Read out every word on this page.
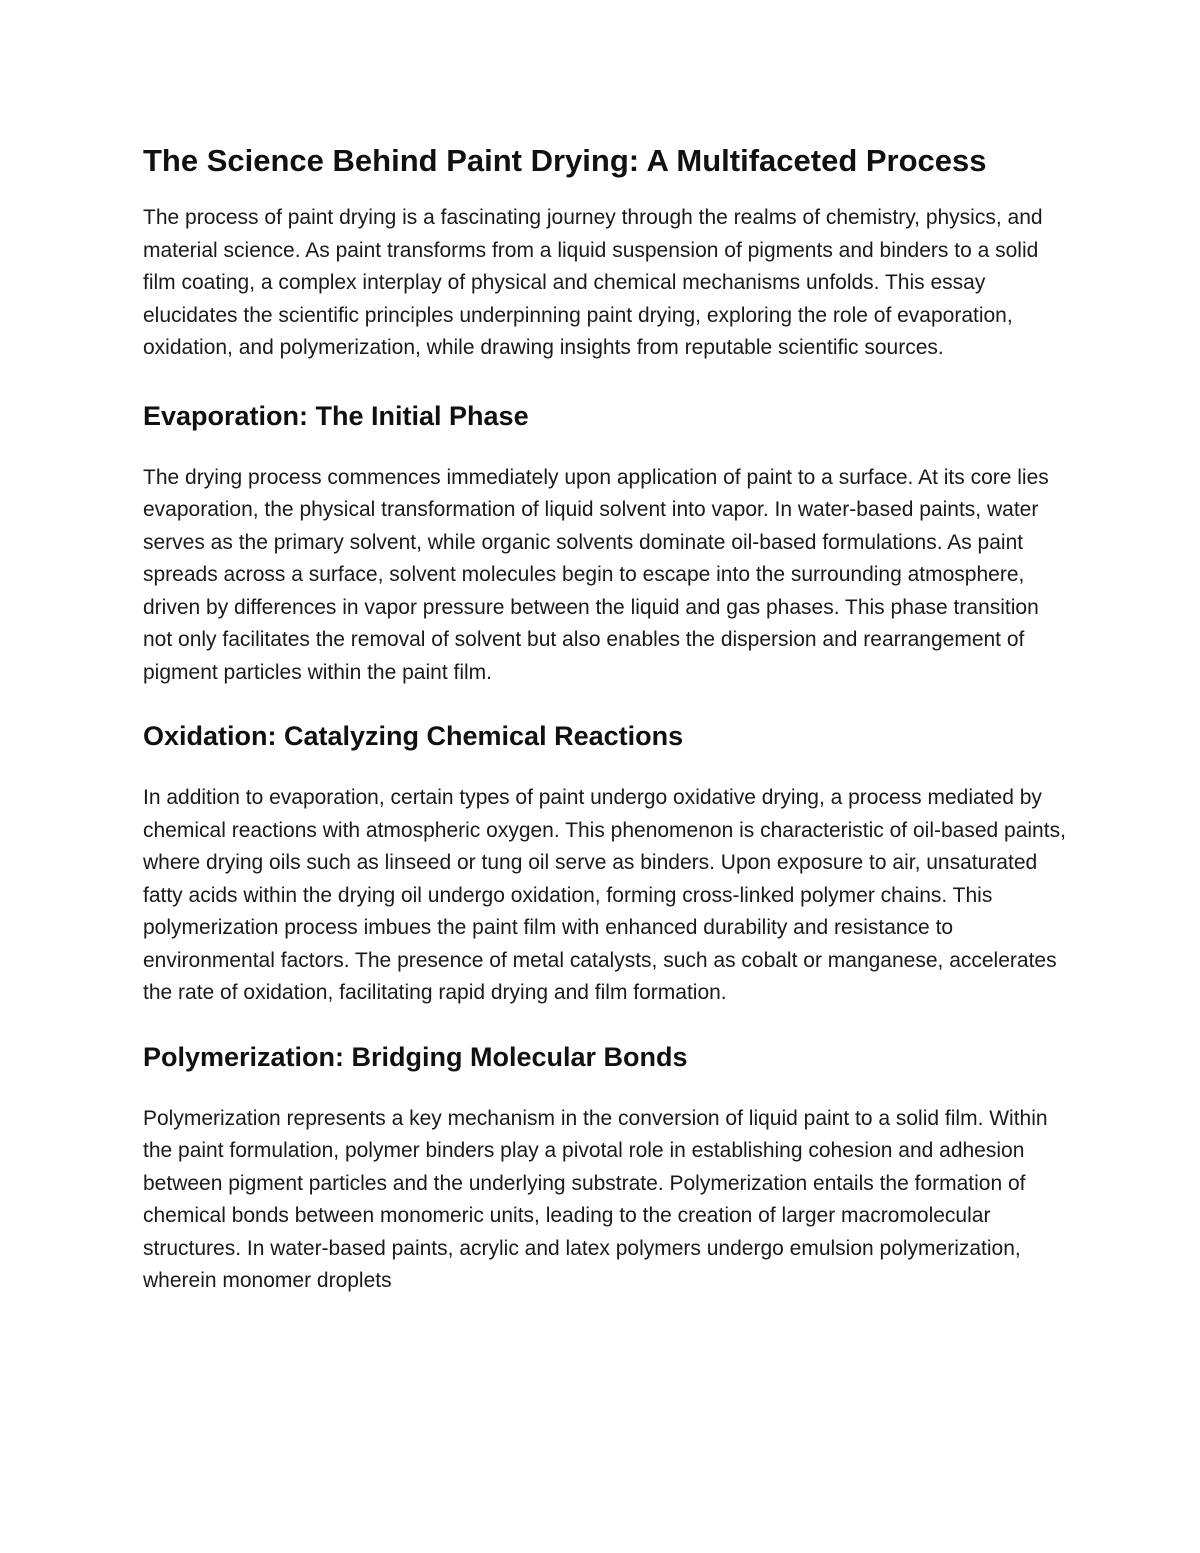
The Science Behind Paint Drying: A Multifaceted Process

The process of paint drying is a fascinating journey through the realms of chemistry, physics, and material science. As paint transforms from a liquid suspension of pigments and binders to a solid film coating, a complex interplay of physical and chemical mechanisms unfolds. This essay elucidates the scientific principles underpinning paint drying, exploring the role of evaporation, oxidation, and polymerization, while drawing insights from reputable scientific sources.

Evaporation: The Initial Phase

The drying process commences immediately upon application of paint to a surface. At its core lies evaporation, the physical transformation of liquid solvent into vapor. In water-based paints, water serves as the primary solvent, while organic solvents dominate oil-based formulations. As paint spreads across a surface, solvent molecules begin to escape into the surrounding atmosphere, driven by differences in vapor pressure between the liquid and gas phases. This phase transition not only facilitates the removal of solvent but also enables the dispersion and rearrangement of pigment particles within the paint film.

Oxidation: Catalyzing Chemical Reactions

In addition to evaporation, certain types of paint undergo oxidative drying, a process mediated by chemical reactions with atmospheric oxygen. This phenomenon is characteristic of oil-based paints, where drying oils such as linseed or tung oil serve as binders. Upon exposure to air, unsaturated fatty acids within the drying oil undergo oxidation, forming cross-linked polymer chains. This polymerization process imbues the paint film with enhanced durability and resistance to environmental factors. The presence of metal catalysts, such as cobalt or manganese, accelerates the rate of oxidation, facilitating rapid drying and film formation.

Polymerization: Bridging Molecular Bonds

Polymerization represents a key mechanism in the conversion of liquid paint to a solid film. Within the paint formulation, polymer binders play a pivotal role in establishing cohesion and adhesion between pigment particles and the underlying substrate. Polymerization entails the formation of chemical bonds between monomeric units, leading to the creation of larger macromolecular structures. In water-based paints, acrylic and latex polymers undergo emulsion polymerization, wherein monomer droplets
